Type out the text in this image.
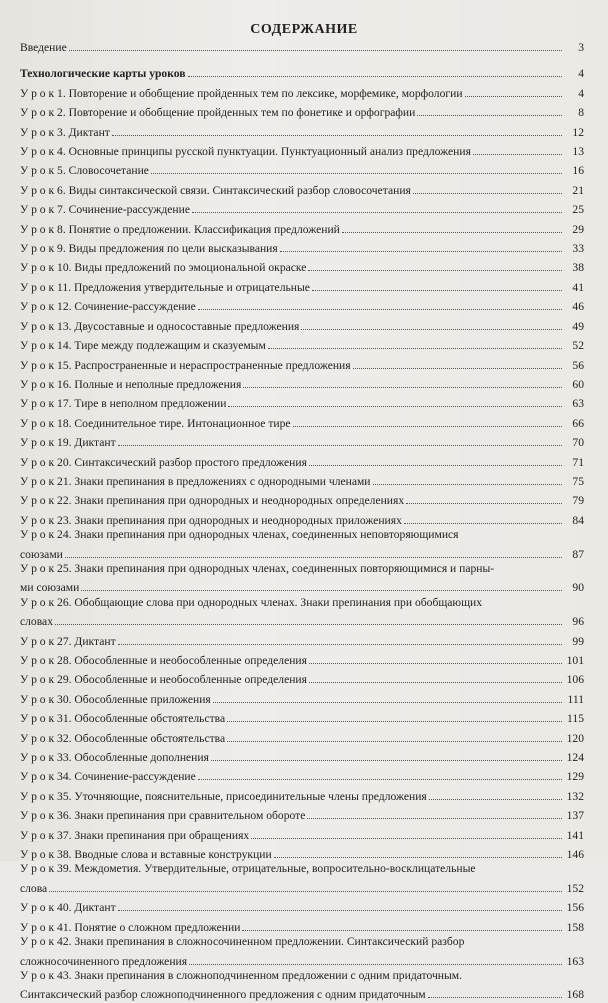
СОДЕРЖАНИЕ
Введение	3
Технологические карты уроков	4
У р о к 1. Повторение и обобщение пройденных тем по лексике, морфемике, морфологии	4
У р о к 2. Повторение и обобщение пройденных тем по фонетике и орфографии	8
У р о к 3. Диктант	12
У р о к 4. Основные принципы русской пунктуации. Пунктуационный анализ предложения	13
У р о к 5. Словосочетание	16
У р о к 6. Виды синтаксической связи. Синтаксический разбор словосочетания	21
У р о к 7. Сочинение-рассуждение	25
У р о к 8. Понятие о предложении. Классификация предложений	29
У р о к 9. Виды предложения по цели высказывания	33
У р о к 10. Виды предложений по эмоциональной окраске	38
У р о к 11. Предложения утвердительные и отрицательные	41
У р о к 12. Сочинение-рассуждение	46
У р о к 13. Двусоставные и односоставные предложения	49
У р о к 14. Тире между подлежащим и сказуемым	52
У р о к 15. Распространенные и нераспространенные предложения	56
У р о к 16. Полные и неполные предложения	60
У р о к 17. Тире в неполном предложении	63
У р о к 18. Соединительное тире. Интонационное тире	66
У р о к 19. Диктант	70
У р о к 20. Синтаксический разбор простого предложения	71
У р о к 21. Знаки препинания в предложениях с однородными членами	75
У р о к 22. Знаки препинания при однородных и неоднородных определениях	79
У р о к 23. Знаки препинания при однородных и неоднородных приложениях	84
У р о к 24. Знаки препинания при однородных членах, соединенных неповторяющимися
союзами	87
У р о к 25. Знаки препинания при однородных членах, соединенных повторяющимися и парны-
ми союзами	90
У р о к 26. Обобщающие слова при однородных членах. Знаки препинания при обобщающих
словах	96
У р о к 27. Диктант	99
У р о к 28. Обособленные и необособленные определения	101
У р о к 29. Обособленные и необособленные определения	106
У р о к 30. Обособленные приложения	111
У р о к 31. Обособленные обстоятельства	115
У р о к 32. Обособленные обстоятельства	120
У р о к 33. Обособленные дополнения	124
У р о к 34. Сочинение-рассуждение	129
У р о к 35. Уточняющие, пояснительные, присоединительные члены предложения	132
У р о к 36. Знаки препинания при сравнительном обороте	137
У р о к 37. Знаки препинания при обращениях	141
У р о к 38. Вводные слова и вставные конструкции	146
У р о к 39. Междометия. Утвердительные, отрицательные, вопросительно-восклицательные
слова	152
У р о к 40. Диктант	156
У р о к 41. Понятие о сложном предложении	158
У р о к 42. Знаки препинания в сложносочиненном предложении. Синтаксический разбор
сложносочиненного предложения	163
У р о к 43. Знаки препинания в сложноподчиненном предложении с одним придаточным.
Синтаксический разбор сложноподчиненного предложения с одним придаточным	168
